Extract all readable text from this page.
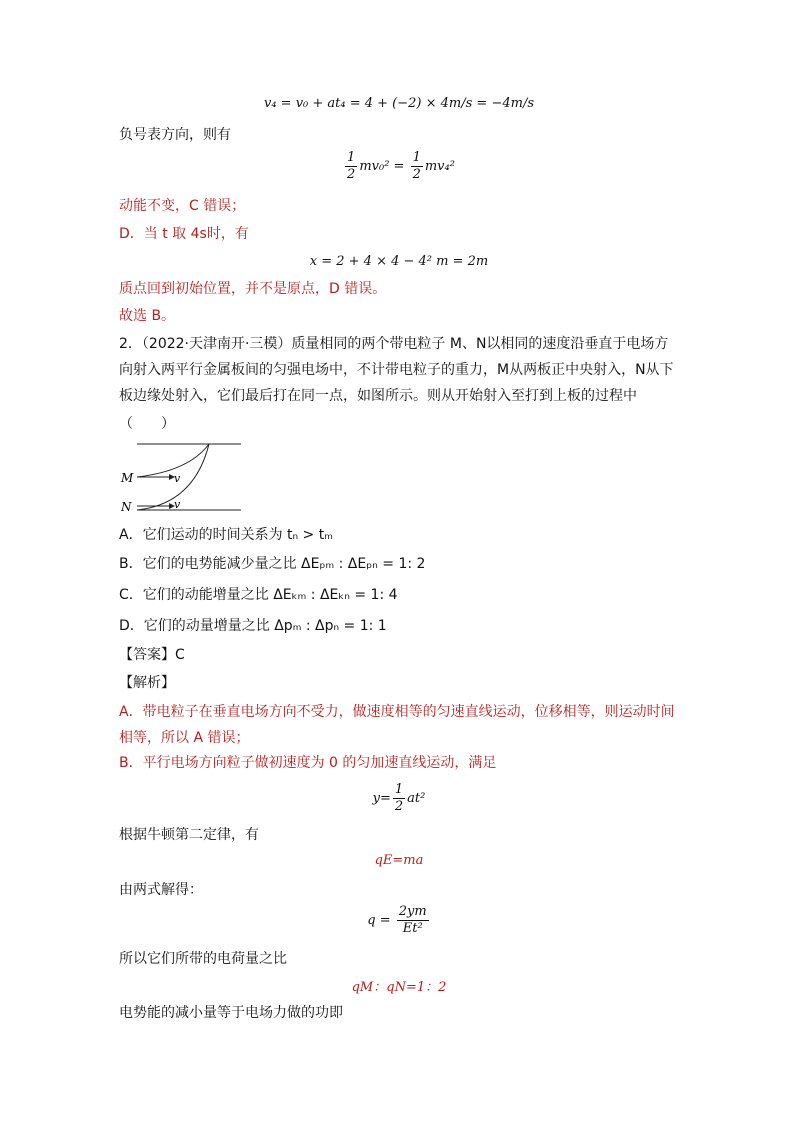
v₄ = v₀ + at₄ = 4 + (−2) × 4m/s = −4m/s
负号表方向，则有
$\frac{1}{2} mv_0^2 = \frac{1}{2} mv_4^2$
动能不变，C 错误；
D．当 t 取 4s时，有
x = 2 + 4 × 4 − 4² m = 2m
质点回到初始位置，并不是原点，D 错误。
故选 B。
2．（2022·天津南开·三模）质量相同的两个带电粒子 M、N以相同的速度沿垂直于电场方向射入两平行金属板间的匀强电场中，不计带电粒子的重力，M从两板正中央射入，N从下板边缘处射入，它们最后打在同一点，如图所示。则从开始射入至打到上板的过程中
（　　）
M
N
v
v
A．它们运动的时间关系为 tₙ > tₘ
B．它们的电势能减少量之比 ΔEₚₘ : ΔEₚₙ = 1: 2
C．它们的动能增量之比 ΔEₖₘ : ΔEₖₙ = 1: 4
D．它们的动量增量之比 Δpₘ : Δpₙ = 1: 1
【答案】C
【解析】
A．带电粒子在垂直电场方向不受力，做速度相等的匀速直线运动，位移相等，则运动时间相等，所以 A 错误；
B．平行电场方向粒子做初速度为 0 的匀加速直线运动，满足
$y= \frac{1}{2} at^2$
根据牛顿第二定律，有
qE=ma
由两式解得：
$q = \frac{2ym}{\text{Et²}}$
所以它们所带的电荷量之比
qM：qN=1：2
电势能的减小量等于电场力做的功即
